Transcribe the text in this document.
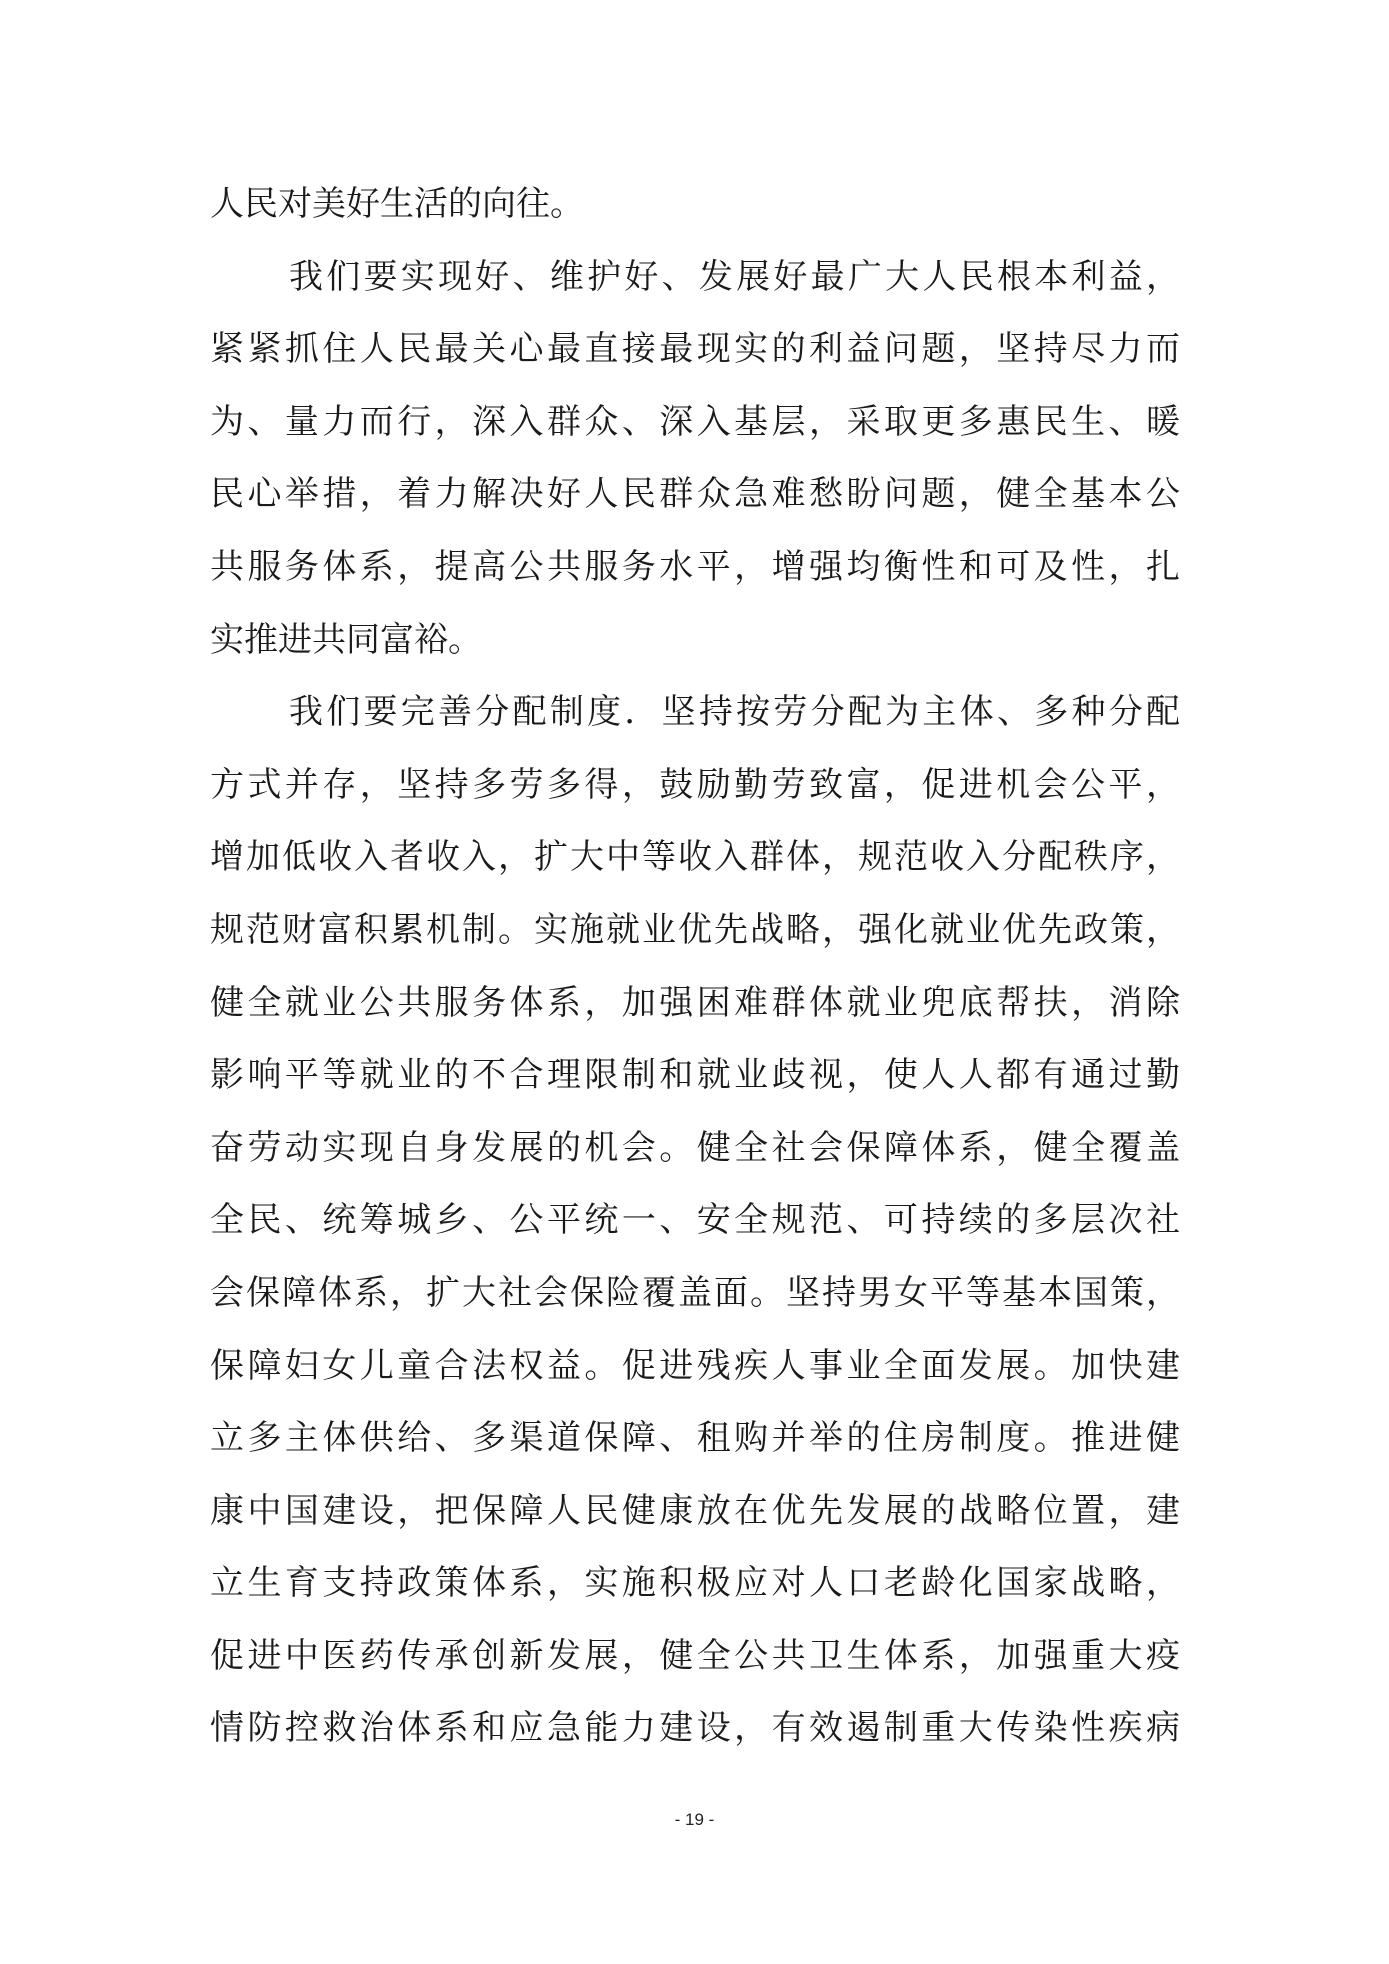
人民对美好生活的向往。
我们要实现好、维护好、发展好最广大人民根本利益，
紧紧抓住人民最关心最直接最现实的利益问题，坚持尽力而
为、量力而行，深入群众、深入基层，采取更多惠民生、暖
民心举措，着力解决好人民群众急难愁盼问题，健全基本公
共服务体系，提高公共服务水平，增强均衡性和可及性，扎
实推进共同富裕。
我们要完善分配制度．坚持按劳分配为主体、多种分配
方式并存，坚持多劳多得，鼓励勤劳致富，促进机会公平，
增加低收入者收入，扩大中等收入群体，规范收入分配秩序，
规范财富积累机制。实施就业优先战略，强化就业优先政策，
健全就业公共服务体系，加强困难群体就业兜底帮扶，消除
影响平等就业的不合理限制和就业歧视，使人人都有通过勤
奋劳动实现自身发展的机会。健全社会保障体系，健全覆盖
全民、统筹城乡、公平统一、安全规范、可持续的多层次社
会保障体系，扩大社会保险覆盖面。坚持男女平等基本国策，
保障妇女儿童合法权益。促进残疾人事业全面发展。加快建
立多主体供给、多渠道保障、租购并举的住房制度。推进健
康中国建设，把保障人民健康放在优先发展的战略位置，建
立生育支持政策体系，实施积极应对人口老龄化国家战略，
促进中医药传承创新发展，健全公共卫生体系，加强重大疫
情防控救治体系和应急能力建设，有效遏制重大传染性疾病
- 19 -
